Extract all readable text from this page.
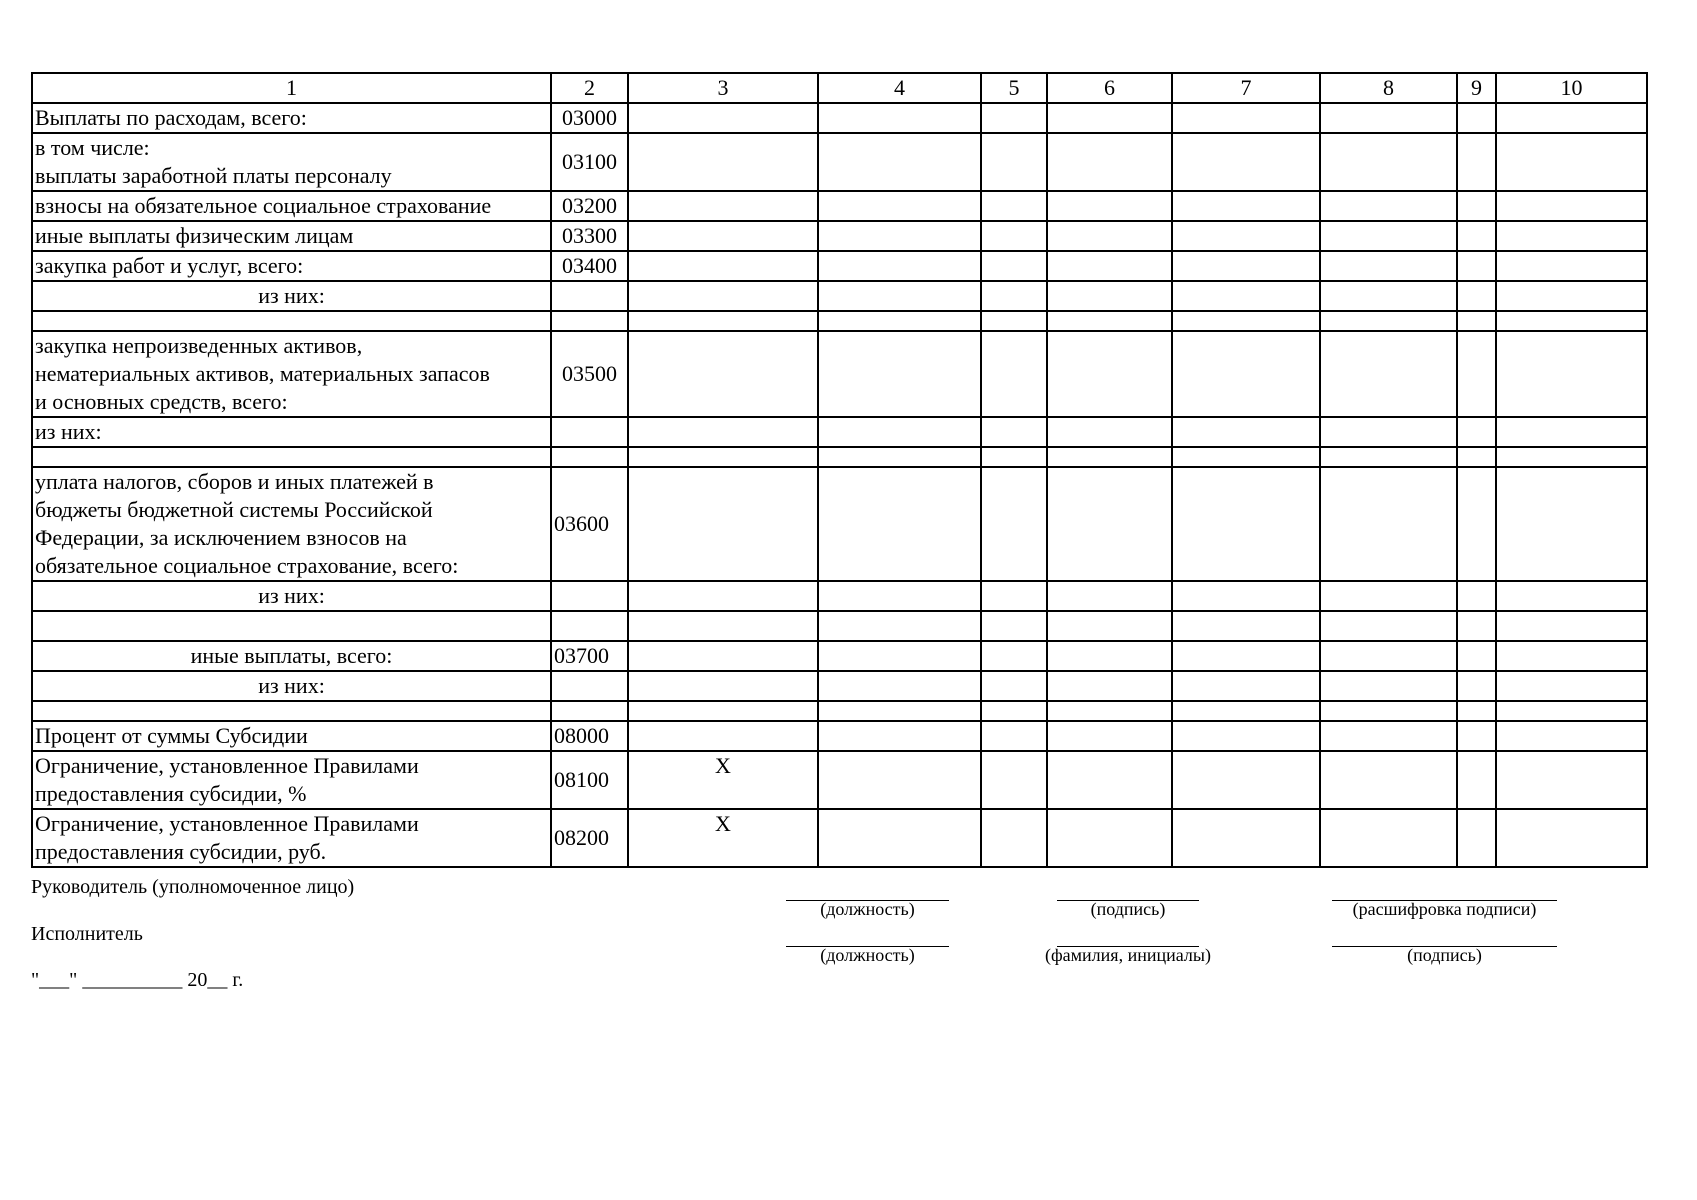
1	2	3	4	5	6	7	8	9	10

Выплаты по расходам, всего:	03000								

в том числе:
выплаты заработной платы персоналу	03100								

взносы на обязательное социальное страхование	03200								

иные выплаты физическим лицам	03300								

закупка работ и услуг, всего:	03400								

из них:									

закупка непроизведенных активов,
нематериальных активов, материальных запасов
и основных средств, всего:	03500								

из них:									

уплата налогов, сборов и иных платежей в
бюджеты бюджетной системы Российской
Федерации, за исключением взносов на
обязательное социальное страхование, всего:	03600								

из них:									

иные выплаты, всего:	03700								

из них:									

Процент от суммы Субсидии	08000								

Ограничение, установленное Правилами
предоставления субсидии, %	08100	X							

Ограничение, установленное Правилами
предоставления субсидии, руб.	08200	X							
Руководитель (уполномоченное лицо)
(должность)	(подпись)	(расшифровка подписи)
Исполнитель
(должность)	(фамилия, инициалы)	(подпись)
"___" __________ 20__ г.
